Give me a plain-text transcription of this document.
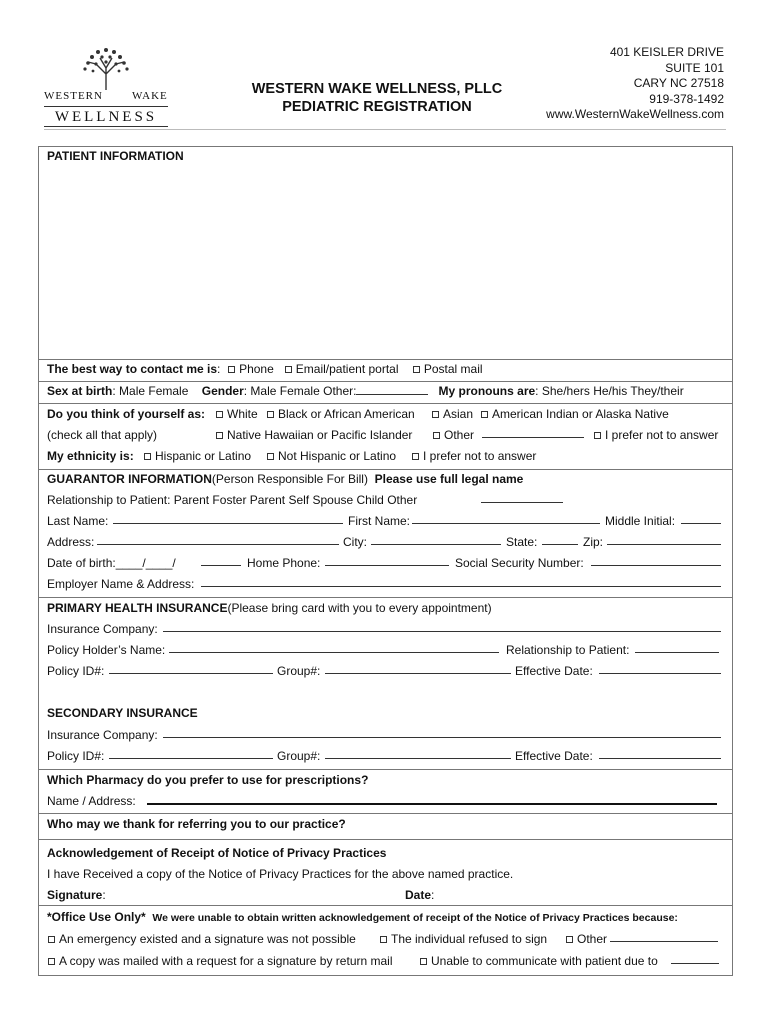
WESTERN	WAKE
WELLNESS
WESTERN WAKE WELLNESS, PLLC
PEDIATRIC REGISTRATION
401 KEISLER DRIVE
SUITE 101
CARY NC 27518
919-378-1492
www.WesternWakeWellness.com
PATIENT INFORMATION
The best way to contact me is:  Phone Email/patient portal Postal mail
Sex at birth: Male Female Gender: Male Female Other:	My pronouns are: She/hers He/his They/their
Do you think of yourself as:	White	Black or African American	Asian	American Indian or Alaska Native
(check all that apply)	Native Hawaiian or Pacific Islander	Other	I prefer not to answer
My ethnicity is:	Hispanic or Latino	Not Hispanic or Latino	I prefer not to answer
GUARANTOR INFORMATION(Person Responsible For Bill) Please use full legal name
Relationship to Patient: Parent Foster Parent Self Spouse Child Other
Last Name:	First Name:	Middle Initial:
Address:	City:	State:	Zip:
Date of birth:____/____/	Home Phone:	Social Security Number:
Employer Name & Address:
PRIMARY HEALTH INSURANCE(Please bring card with you to every appointment)
Insurance Company:
Policy Holder’s Name:	Relationship to Patient:
Policy ID#:	Group#:	Effective Date:
SECONDARY INSURANCE
Insurance Company:
Policy ID#:	Group#:	Effective Date:
Which Pharmacy do you prefer to use for prescriptions?
Name / Address:
Who may we thank for referring you to our practice?
Acknowledgement of Receipt of Notice of Privacy Practices
I have Received a copy of the Notice of Privacy Practices for the above named practice.
Signature:	Date:
*Office Use Only* We were unable to obtain written acknowledgement of receipt of the Notice of Privacy Practices because:
An emergency existed and a signature was not possible	The individual refused to sign	Other
A copy was mailed with a request for a signature by return mail	Unable to communicate with patient due to
